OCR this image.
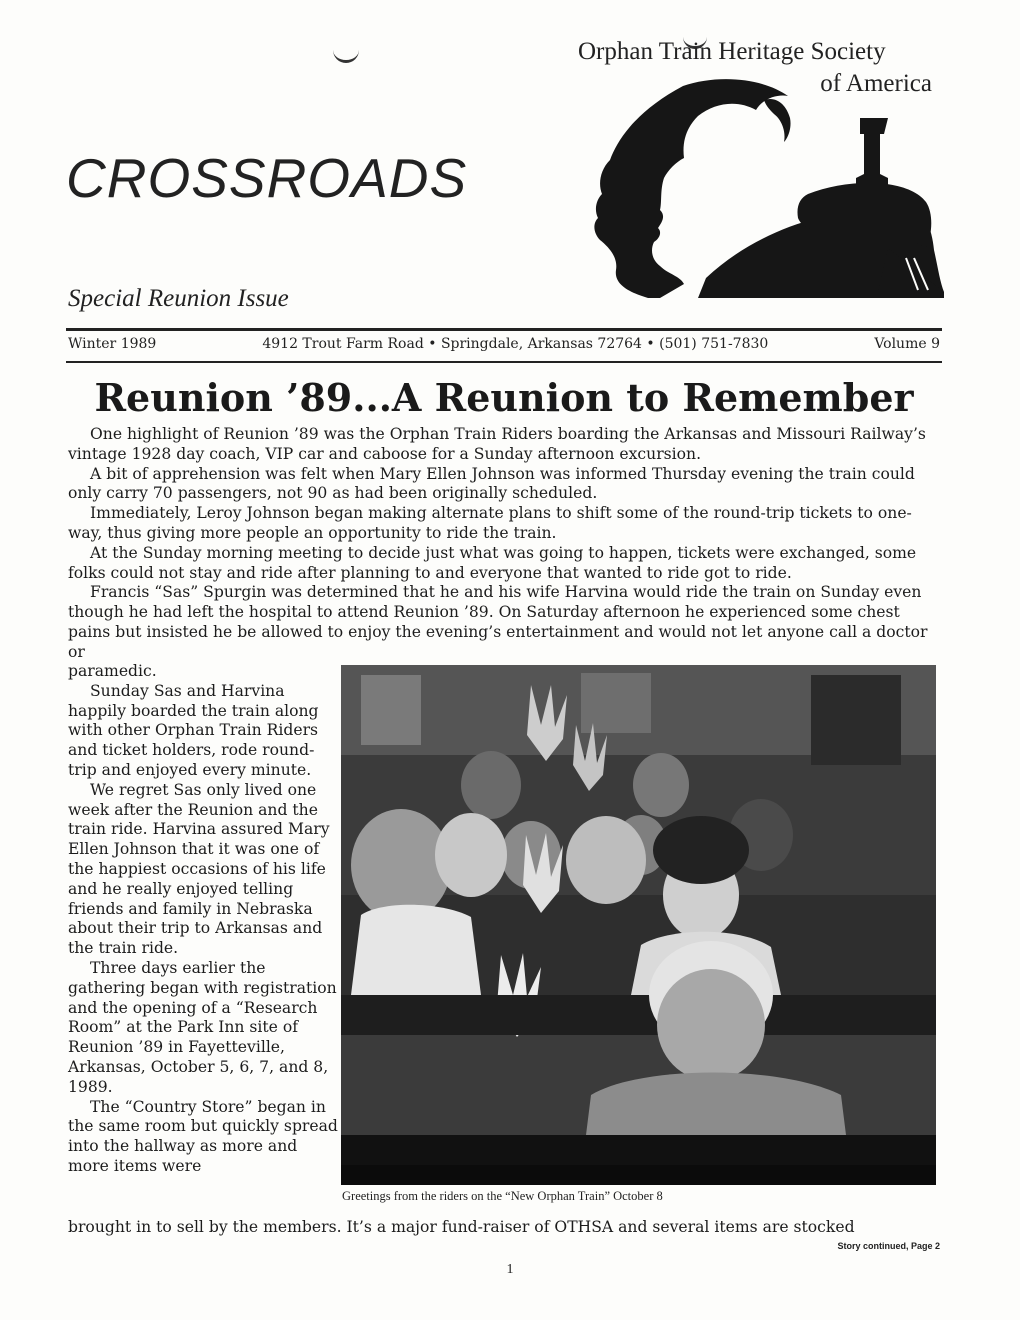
Orphan Train Heritage Society
of America
CROSSROADS
Special Reunion Issue
Winter 1989	4912 Trout Farm Road • Springdale, Arkansas 72764 • (501) 751-7830	Volume 9
Reunion ’89...A Reunion to Remember

One highlight of Reunion ’89 was the Orphan Train Riders boarding the Arkansas and Missouri Railway’s vintage 1928 day coach, VIP car and caboose for a Sunday afternoon excursion.

A bit of apprehension was felt when Mary Ellen Johnson was informed Thursday evening the train could only carry 70 passengers, not 90 as had been originally scheduled.

Immediately, Leroy Johnson began making alternate plans to shift some of the round-trip tickets to one-way, thus giving more people an opportunity to ride the train.

At the Sunday morning meeting to decide just what was going to happen, tickets were exchanged, some folks could not stay and ride after planning to and everyone that wanted to ride got to ride.

Francis “Sas” Spurgin was determined that he and his wife Harvina would ride the train on Sunday even though he had left the hospital to attend Reunion ’89. On Saturday afternoon he experienced some chest pains but insisted he be allowed to enjoy the evening’s entertainment and would not let anyone call a doctor or

paramedic.

Sunday Sas and Harvina happily boarded the train along with other Orphan Train Riders and ticket holders, rode round-trip and enjoyed every minute.

We regret Sas only lived one week after the Reunion and the train ride. Harvina assured Mary Ellen Johnson that it was one of the happiest occasions of his life and he really enjoyed telling friends and family in Nebraska about their trip to Arkansas and the train ride.

Three days earlier the gathering began with registration and the opening of a “Research Room” at the Park Inn site of Reunion ’89 in Fayetteville, Arkansas, October 5, 6, 7, and 8, 1989.

The “Country Store” began in the same room but quickly spread into the hallway as more and more items were

Greetings from the riders on the “New Orphan Train” October 8
brought in to sell by the members. It’s a major fund-raiser of OTHSA and several items are stocked
Story continued, Page 2
1
